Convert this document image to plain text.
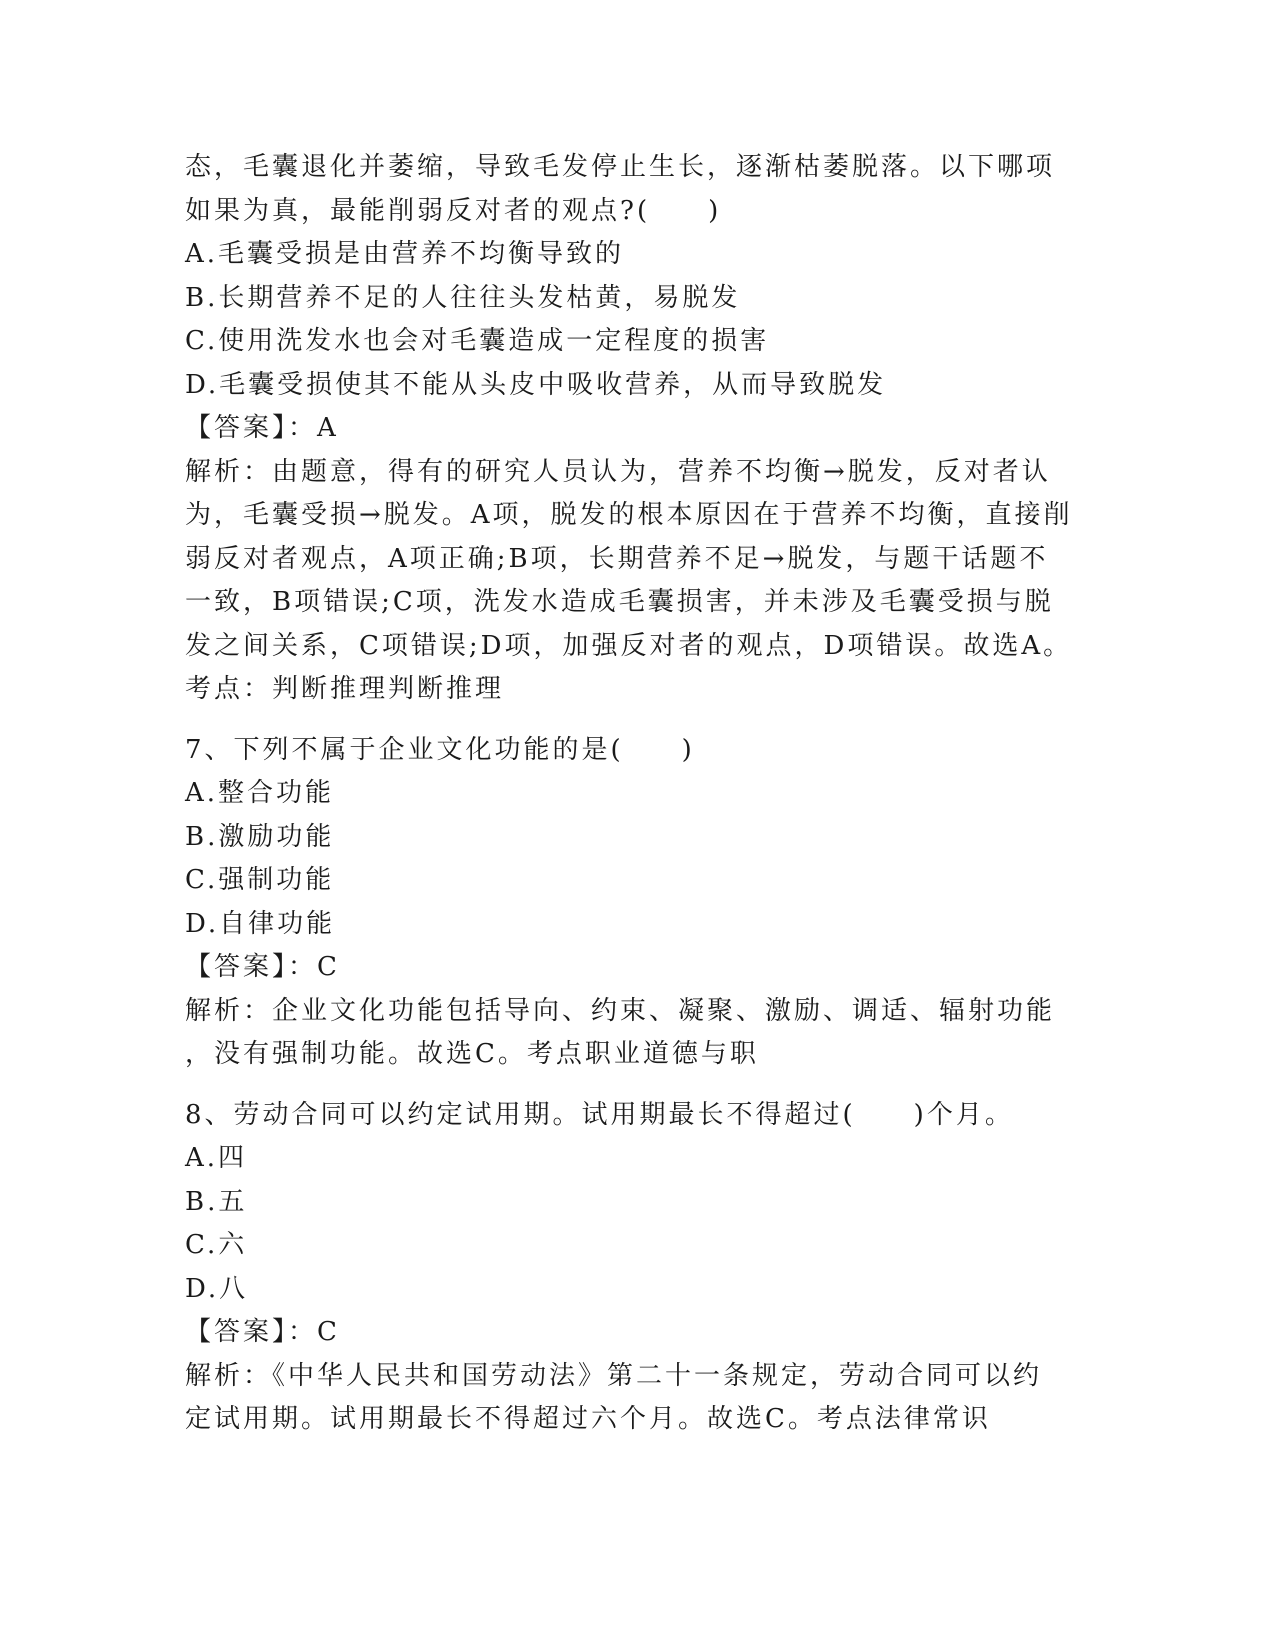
态，毛囊退化并萎缩，导致毛发停止生长，逐渐枯萎脱落。以下哪项

如果为真，最能削弱反对者的观点?(　　)

A.毛囊受损是由营养不均衡导致的

B.长期营养不足的人往往头发枯黄，易脱发

C.使用洗发水也会对毛囊造成一定程度的损害

D.毛囊受损使其不能从头皮中吸收营养，从而导致脱发

【答案】：A

解析：由题意，得有的研究人员认为，营养不均衡→脱发，反对者认

为，毛囊受损→脱发。A项，脱发的根本原因在于营养不均衡，直接削

弱反对者观点，A项正确;B项，长期营养不足→脱发，与题干话题不

一致，B项错误;C项，洗发水造成毛囊损害，并未涉及毛囊受损与脱

发之间关系，C项错误;D项，加强反对者的观点，D项错误。故选A。

考点：判断推理判断推理

7、下列不属于企业文化功能的是(　　)

A.整合功能

B.激励功能

C.强制功能

D.自律功能

【答案】：C

解析：企业文化功能包括导向、约束、凝聚、激励、调适、辐射功能

，没有强制功能。故选C。考点职业道德与职

8、劳动合同可以约定试用期。试用期最长不得超过(　　)个月。

A.四

B.五

C.六

D.八

【答案】：C

解析：《中华人民共和国劳动法》第二十一条规定，劳动合同可以约

定试用期。试用期最长不得超过六个月。故选C。考点法律常识
